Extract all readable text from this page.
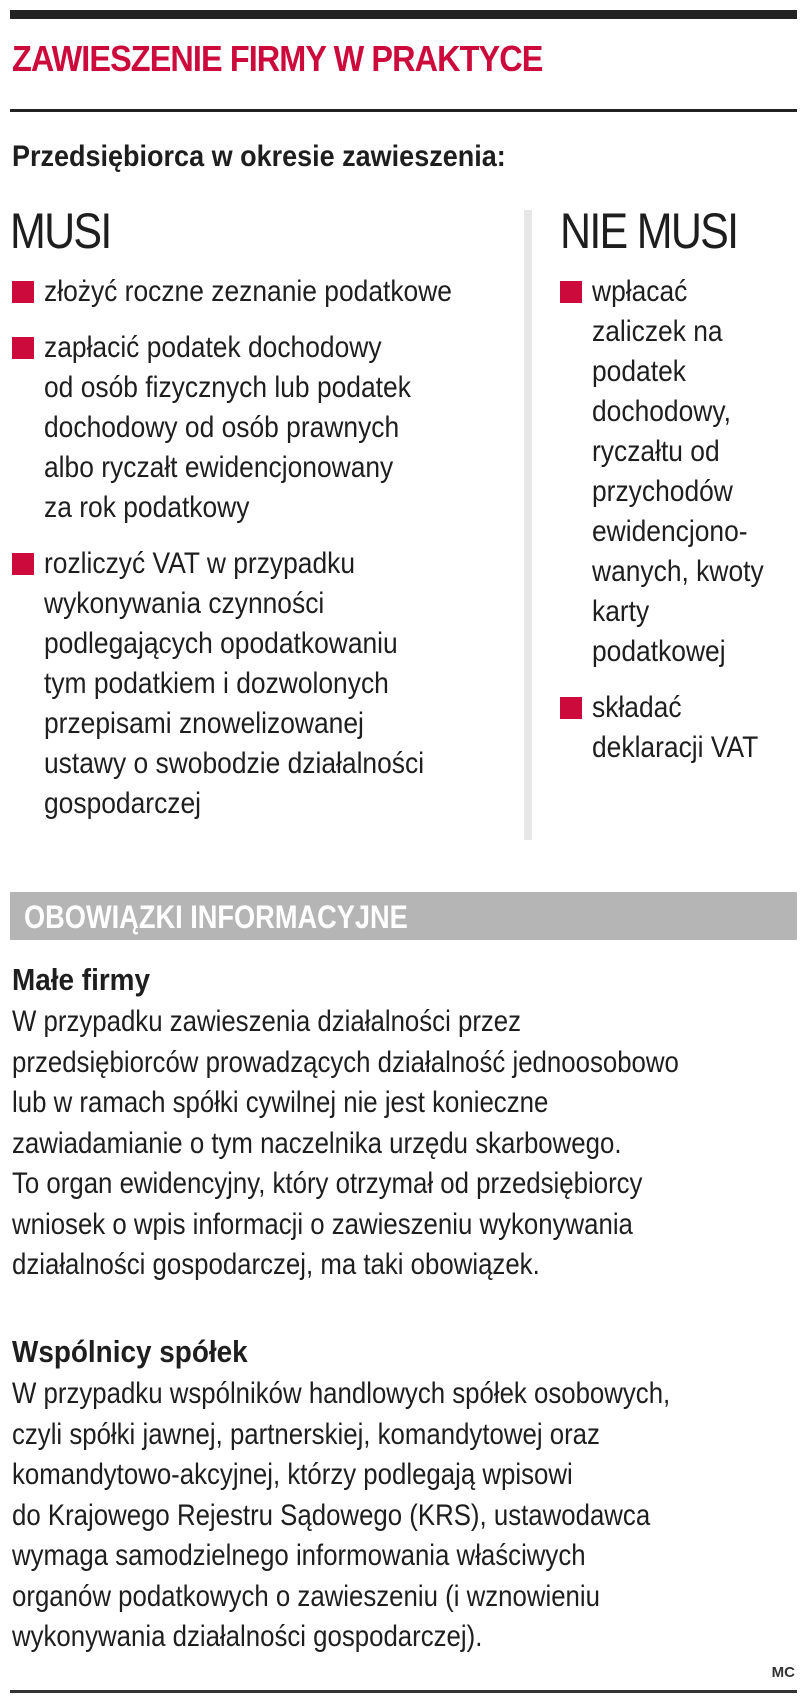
ZAWIESZENIE FIRMY W PRAKTYCE

Przedsiębiorca w okresie zawieszenia:

MUSI
złożyć roczne zeznanie podatkowe
zapłacić podatek dochodowy
od osób fizycznych lub podatek
dochodowy od osób prawnych
albo ryczałt ewidencjonowany
za rok podatkowy
rozliczyć VAT w przypadku
wykonywania czynności
podlegających opodatkowaniu
tym podatkiem i dozwolonych
przepisami znowelizowanej
ustawy o swobodzie działalności
gospodarczej
NIE MUSI
wpłacać
zaliczek na
podatek
dochodowy,
ryczałtu od
przychodów
ewidencjono-
wanych, kwoty
karty
podatkowej
składać
deklaracji VAT
OBOWIĄZKI INFORMACYJNE
Małe firmy

W przypadku zawieszenia działalności przez
przedsiębiorców prowadzących działalność jednoosobowo
lub w ramach spółki cywilnej nie jest konieczne
zawiadamianie o tym naczelnika urzędu skarbowego.
To organ ewidencyjny, który otrzymał od przedsiębiorcy
wniosek o wpis informacji o zawieszeniu wykonywania
działalności gospodarczej, ma taki obowiązek.

Wspólnicy spółek

W przypadku wspólników handlowych spółek osobowych,
czyli spółki jawnej, partnerskiej, komandytowej oraz
komandytowo-akcyjnej, którzy podlegają wpisowi
do Krajowego Rejestru Sądowego (KRS), ustawodawca
wymaga samodzielnego informowania właściwych
organów podatkowych o zawieszeniu (i wznowieniu
wykonywania działalności gospodarczej).

MC
